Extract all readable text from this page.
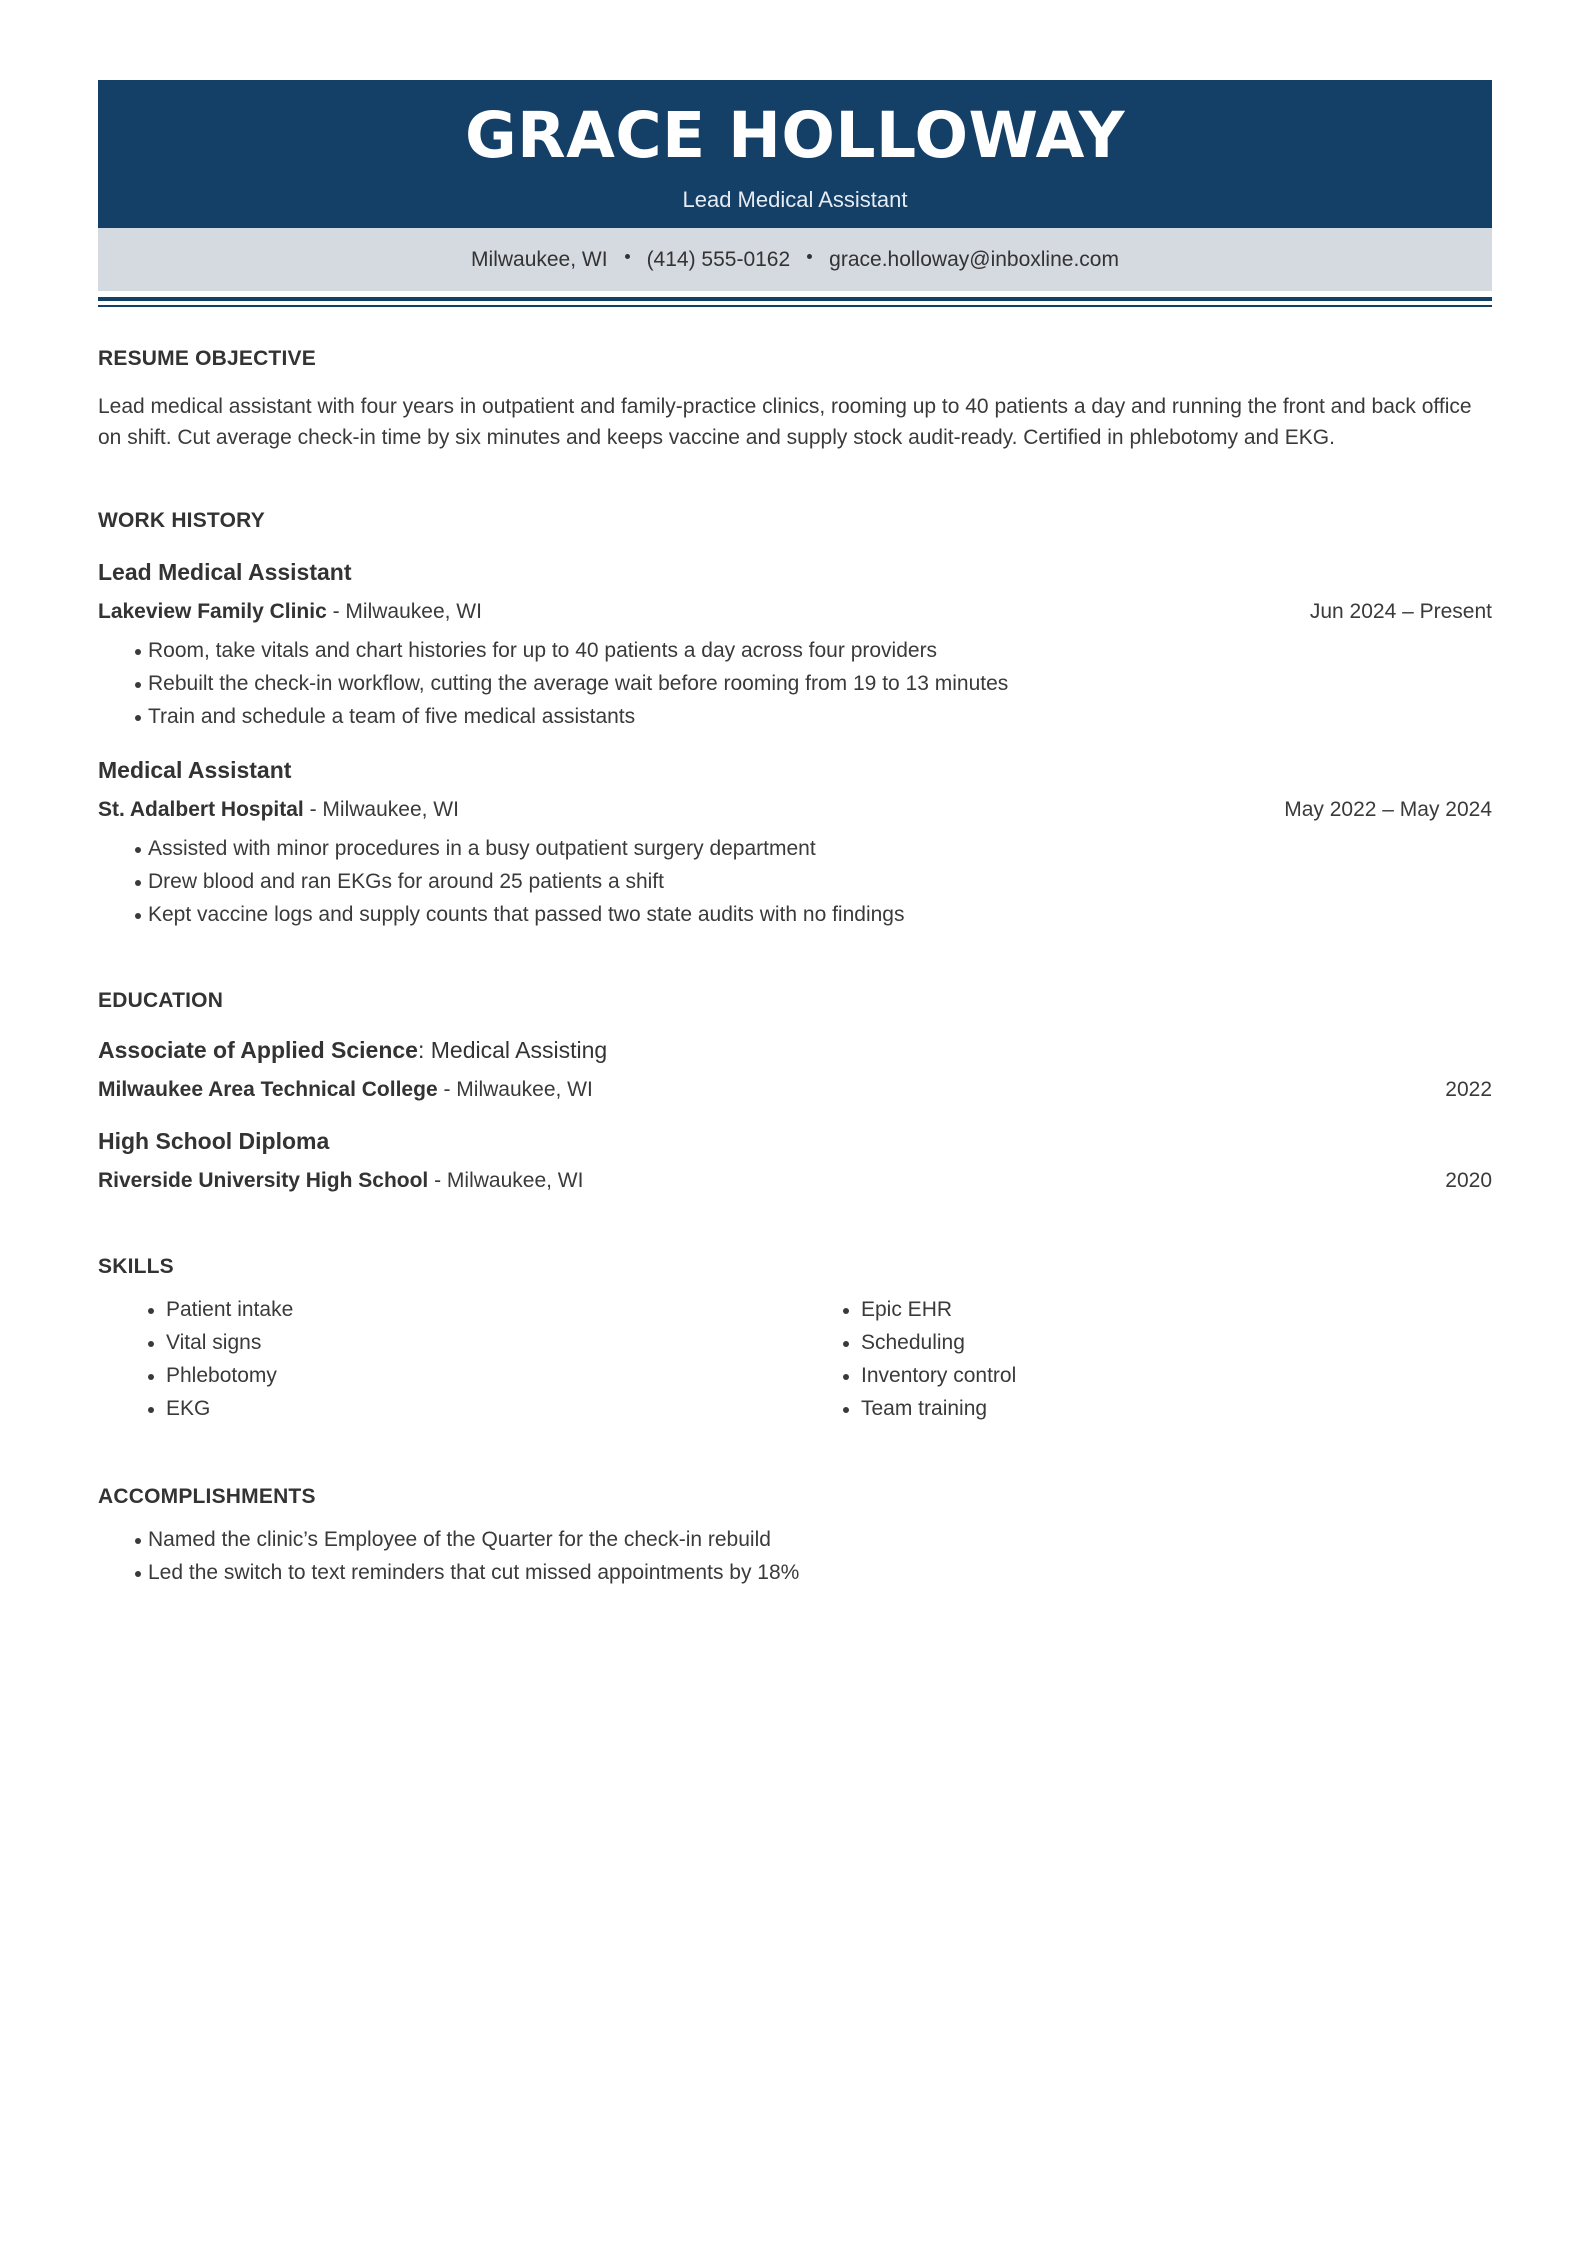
GRACE HOLLOWAY
Lead Medical Assistant
Milwaukee, WI (414) 555-0162 grace.holloway@inboxline.com
RESUME OBJECTIVE
Lead medical assistant with four years in outpatient and family-practice clinics, rooming up to 40 patients a day and running the front and back office on shift. Cut average check-in time by six minutes and keeps vaccine and supply stock audit-ready. Certified in phlebotomy and EKG.
WORK HISTORY
Lead Medical Assistant
Lakeview Family Clinic - Milwaukee, WI	Jun 2024 – Present
Room, take vitals and chart histories for up to 40 patients a day across four providers
Rebuilt the check-in workflow, cutting the average wait before rooming from 19 to 13 minutes
Train and schedule a team of five medical assistants
Medical Assistant
St. Adalbert Hospital - Milwaukee, WI	May 2022 – May 2024
Assisted with minor procedures in a busy outpatient surgery department
Drew blood and ran EKGs for around 25 patients a shift
Kept vaccine logs and supply counts that passed two state audits with no findings
EDUCATION
Associate of Applied Science: Medical Assisting
Milwaukee Area Technical College - Milwaukee, WI	2022
High School Diploma
Riverside University High School - Milwaukee, WI	2020
SKILLS
Patient intake
Vital signs
Phlebotomy
EKG
Epic EHR
Scheduling
Inventory control
Team training
ACCOMPLISHMENTS
Named the clinic’s Employee of the Quarter for the check-in rebuild
Led the switch to text reminders that cut missed appointments by 18%
